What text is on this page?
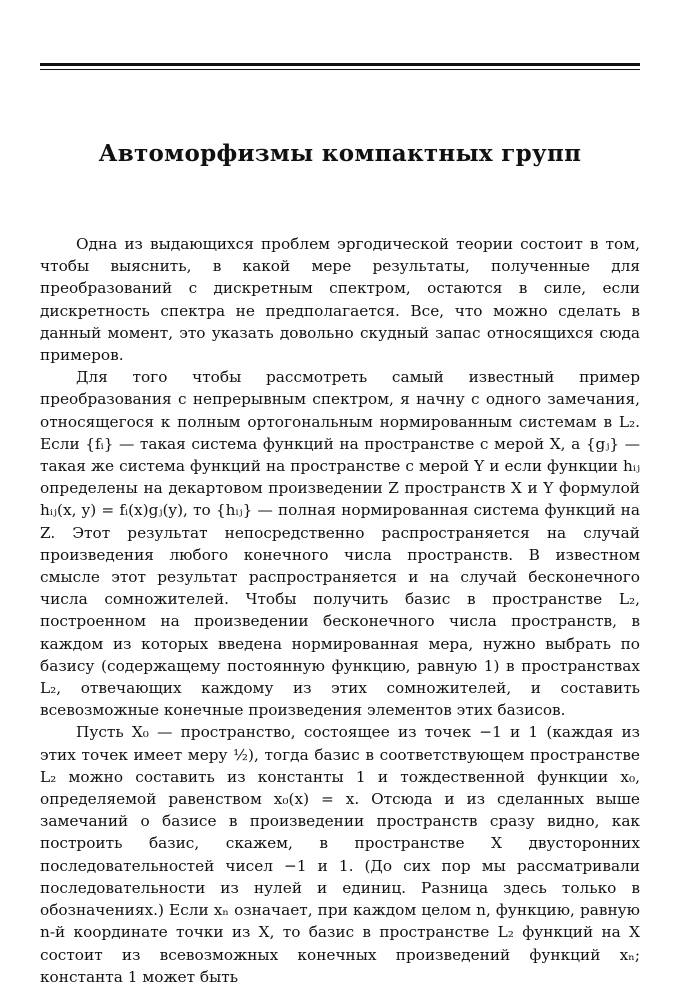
Автоморфизмы компактных групп

Одна из выдающихся проблем эргодической теории состоит в том, чтобы выяснить, в какой мере результаты, полученные для преобразований с дискретным спектром, остаются в силе, если дискретность спектра не предполагается. Все, что можно сделать в данный момент, это указать довольно скудный запас относящихся сюда примеров.

Для того чтобы рассмотреть самый известный пример преобразования с непрерывным спектром, я начну с одного замечания, относящегося к полным ортогональным нормированным системам в L₂. Если {fᵢ} — такая система функций на пространстве с мерой X, а {gⱼ} — такая же система функций на пространстве с мерой Y и если функции hᵢⱼ определены на декартовом произведении Z пространств X и Y формулой hᵢⱼ(x, y) = fᵢ(x)gⱼ(y), то {hᵢⱼ} — полная нормированная система функций на Z. Этот результат непосредственно распространяется на случай произведения любого конечного числа пространств. В известном смысле этот результат распространяется и на случай бесконечного числа сомножителей. Чтобы получить базис в пространстве L₂, построенном на произведении бесконечного числа пространств, в каждом из которых введена нормированная мера, нужно выбрать по базису (содержащему постоянную функцию, равную 1) в пространствах L₂, отвечающих каждому из этих сомножителей, и составить всевозможные конечные произведения элементов этих базисов.

Пусть X₀ — пространство, состоящее из точек −1 и 1 (каждая из этих точек имеет меру ½), тогда базис в соответствующем пространстве L₂ можно составить из константы 1 и тождественной функции x₀, определяемой равенством x₀(x) = x. Отсюда и из сделанных выше замечаний о базисе в произведении пространств сразу видно, как построить базис, скажем, в пространстве X двусторонних последовательностей чисел −1 и 1. (До сих пор мы рассматривали последовательности из нулей и единиц. Разница здесь только в обозначениях.) Если xₙ означает, при каждом целом n, функцию, равную n-й координате точки из X, то базис в пространстве L₂ функций на X состоит из всевозможных конечных произведений функций xₙ; константа 1 может быть
